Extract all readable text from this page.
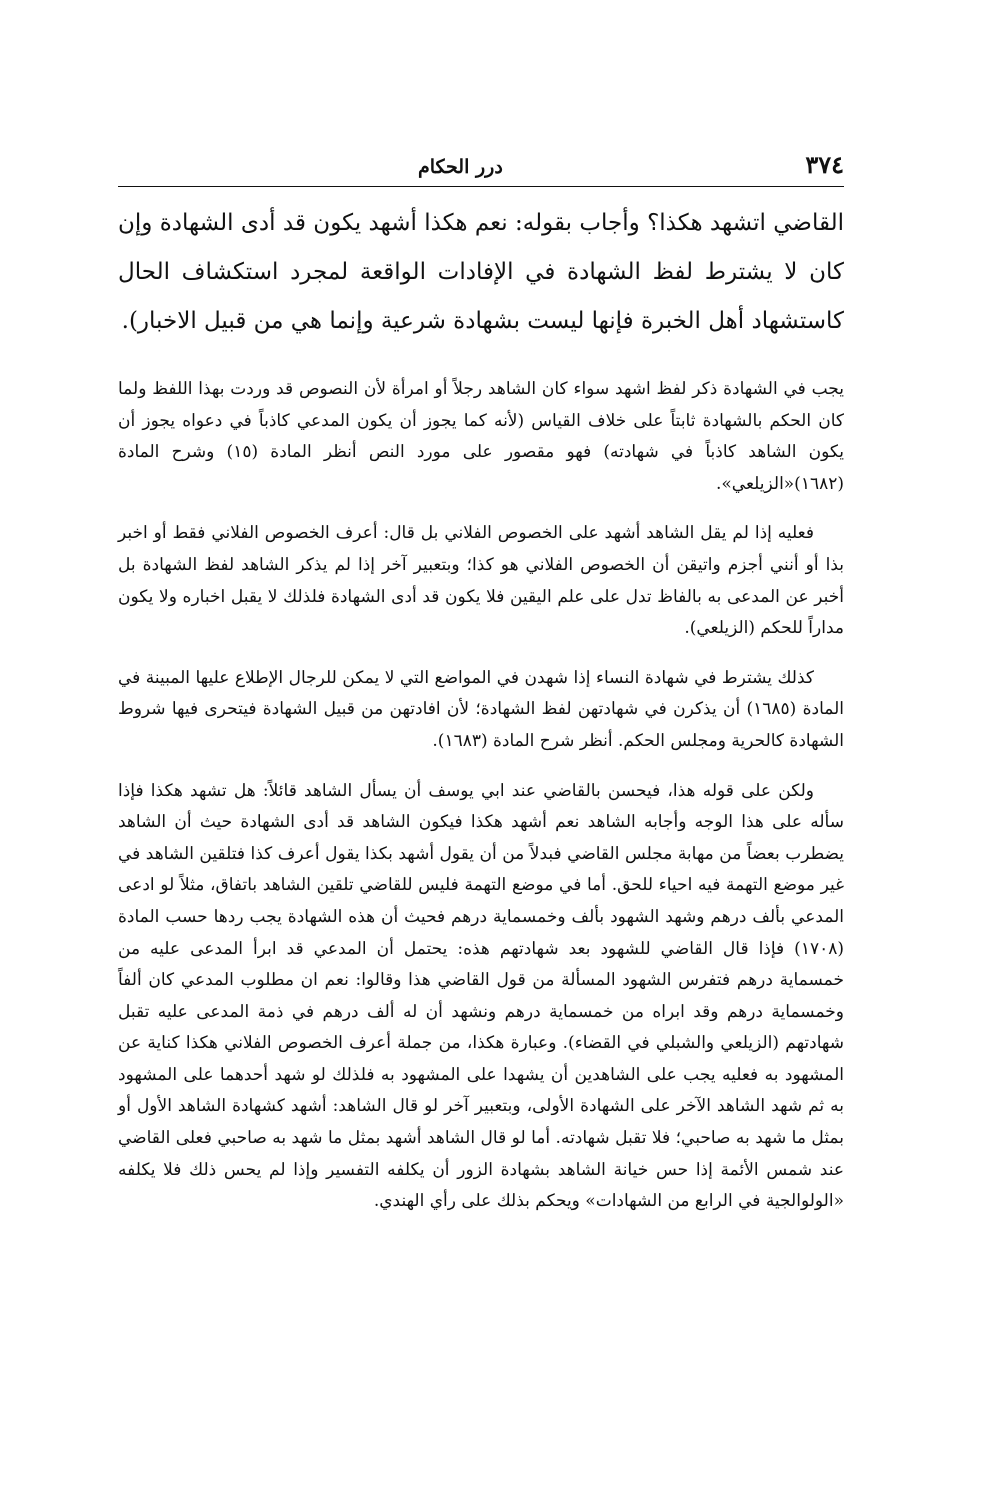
٣٧٤
درر الحكام
القاضي اتشهد هكذا؟ وأجاب بقوله: نعم هكذا أشهد يكون قد أدى الشهادة وإن كان لا يشترط لفظ الشهادة في الإفادات الواقعة لمجرد استكشاف الحال كاستشهاد أهل الخبرة فإنها ليست بشهادة شرعية وإنما هي من قبيل الاخبار).

يجب في الشهادة ذكر لفظ اشهد سواء كان الشاهد رجلاً أو امرأة لأن النصوص قد وردت بهذا اللفظ ولما كان الحكم بالشهادة ثابتاً على خلاف القياس (لأنه كما يجوز أن يكون المدعي كاذباً في دعواه يجوز أن يكون الشاهد كاذباً في شهادته) فهو مقصور على مورد النص أنظر المادة (١٥) وشرح المادة (١٦٨٢)«الزيلعي».

فعليه إذا لم يقل الشاهد أشهد على الخصوص الفلاني بل قال: أعرف الخصوص الفلاني فقط أو اخبر بذا أو أنني أجزم واتيقن أن الخصوص الفلاني هو كذا؛ وبتعبير آخر إذا لم يذكر الشاهد لفظ الشهادة بل أخبر عن المدعى به بالفاظ تدل على علم اليقين فلا يكون قد أدى الشهادة فلذلك لا يقبل اخباره ولا يكون مداراً للحكم (الزيلعي).

كذلك يشترط في شهادة النساء إذا شهدن في المواضع التي لا يمكن للرجال الإطلاع عليها المبينة في المادة (١٦٨٥) أن يذكرن في شهادتهن لفظ الشهادة؛ لأن افادتهن من قبيل الشهادة فيتحرى فيها شروط الشهادة كالحرية ومجلس الحكم. أنظر شرح المادة (١٦٨٣).

ولكن على قوله هذا، فيحسن بالقاضي عند ابي يوسف أن يسأل الشاهد قائلاً: هل تشهد هكذا فإذا سأله على هذا الوجه وأجابه الشاهد نعم أشهد هكذا فيكون الشاهد قد أدى الشهادة حيث أن الشاهد يضطرب بعضاً من مهابة مجلس القاضي فبدلاً من أن يقول أشهد بكذا يقول أعرف كذا فتلقين الشاهد في غير موضع التهمة فيه احياء للحق. أما في موضع التهمة فليس للقاضي تلقين الشاهد باتفاق، مثلاً لو ادعى المدعي بألف درهم وشهد الشهود بألف وخمسماية درهم فحيث أن هذه الشهادة يجب ردها حسب المادة (١٧٠٨) فإذا قال القاضي للشهود بعد شهادتهم هذه: يحتمل أن المدعي قد ابرأ المدعى عليه من خمسماية درهم فتفرس الشهود المسألة من قول القاضي هذا وقالوا: نعم ان مطلوب المدعي كان ألفاً وخمسماية درهم وقد ابراه من خمسماية درهم ونشهد أن له ألف درهم في ذمة المدعى عليه تقبل شهادتهم (الزيلعي والشبلي في القضاء). وعبارة هكذا، من جملة أعرف الخصوص الفلاني هكذا كناية عن المشهود به فعليه يجب على الشاهدين أن يشهدا على المشهود به فلذلك لو شهد أحدهما على المشهود به ثم شهد الشاهد الآخر على الشهادة الأولى، وبتعبير آخر لو قال الشاهد: أشهد كشهادة الشاهد الأول أو بمثل ما شهد به صاحبي؛ فلا تقبل شهادته. أما لو قال الشاهد أشهد بمثل ما شهد به صاحبي فعلى القاضي عند شمس الأئمة إذا حس خيانة الشاهد بشهادة الزور أن يكلفه التفسير وإذا لم يحس ذلك فلا يكلفه «الولوالجية في الرابع من الشهادات» ويحكم بذلك على رأي الهندي.
